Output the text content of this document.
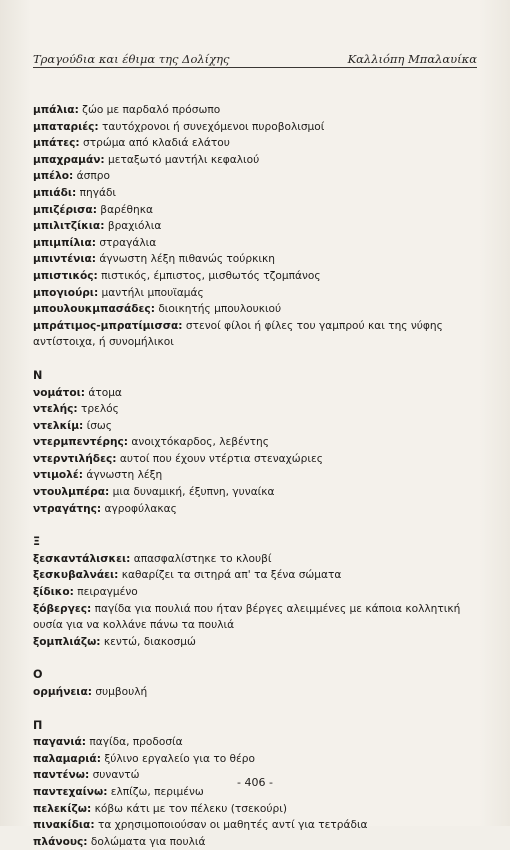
Τραγούδια και έθιμα της Δολίχης	Καλλιόπη Μπαλαυίκα

μπάλια: ζώο με παρδαλό πρόσωπο

μπαταριές: ταυτόχρονοι ή συνεχόμενοι πυροβολισμοί

μπάτες: στρώμα από κλαδιά ελάτου

μπαχραμάν: μεταξωτό μαντήλι κεφαλιού

μπέλο: άσπρο

μπιάδι: πηγάδι

μπιζέρισα: βαρέθηκα

μπιλιτζίκια: βραχιόλια

μπιμπίλια: στραγάλια

μπιντένια: άγνωστη λέξη πιθανώς τούρκικη

μπιστικός: πιστικός, έμπιστος, μισθωτός τζομπάνος

μπογιούρι: μαντήλι μπουϊαμάς

μπουλουκμπασάδες: διοικητής μπουλουκιού

μπράτιμος-μπρατίμισσα: στενοί φίλοι ή φίλες του γαμπρού και της νύφης αντίστοιχα, ή συνομήλικοι

Ν

νομάτοι: άτομα

ντελής: τρελός

ντελκίμ: ίσως

ντερμπεντέρης: ανοιχτόκαρδος, λεβέντης

ντερντιλήδες: αυτοί που έχουν ντέρτια στεναχώριες

ντιμολέ: άγνωστη λέξη

ντουλμπέρα: μια δυναμική, έξυπνη, γυναίκα

ντραγάτης: αγροφύλακας

Ξ

ξεσκαντάλισκει: απασφαλίστηκε το κλουβί

ξεσκυβαλνάει: καθαρίζει τα σιτηρά απ' τα ξένα σώματα

ξίδικο: πειραγμένο

ξόβεργες: παγίδα για πουλιά που ήταν βέργες αλειμμένες με κάποια κολλητική ουσία για να κολλάνε πάνω τα πουλιά

ξομπλιάζω: κεντώ, διακοσμώ

Ο

ορμήνεια: συμβουλή

Π

παγανιά: παγίδα, προδοσία

παλαμαριά: ξύλινο εργαλείο για το θέρο

παντένω: συναντώ

παντεχαίνω: ελπίζω, περιμένω

πελεκίζω: κόβω κάτι με τον πέλεκυ (τσεκούρι)

πινακίδια: τα χρησιμοποιούσαν οι μαθητές αντί για τετράδια

πλάνους: δολώματα για πουλιά

- 406 -
